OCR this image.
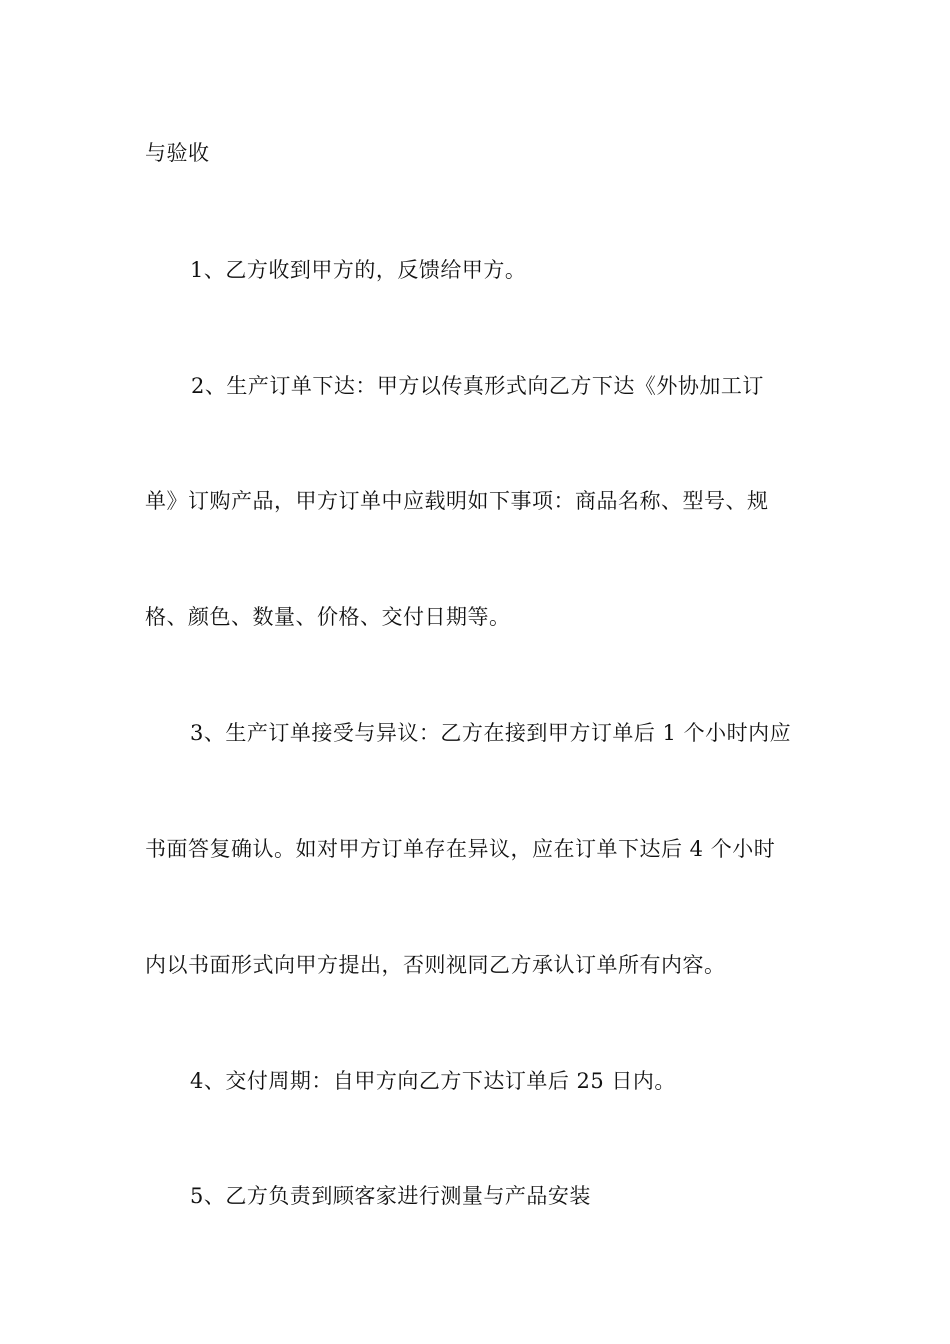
与验收
1、乙方收到甲方的，反馈给甲方。
2、生产订单下达：甲方以传真形式向乙方下达《外协加工订
单》订购产品，甲方订单中应载明如下事项：商品名称、型号、规
格、颜色、数量、价格、交付日期等。
3、生产订单接受与异议：乙方在接到甲方订单后 1 个小时内应
书面答复确认。如对甲方订单存在异议，应在订单下达后 4 个小时
内以书面形式向甲方提出，否则视同乙方承认订单所有内容。
4、交付周期：自甲方向乙方下达订单后 25 日内。
5、乙方负责到顾客家进行测量与产品安装
